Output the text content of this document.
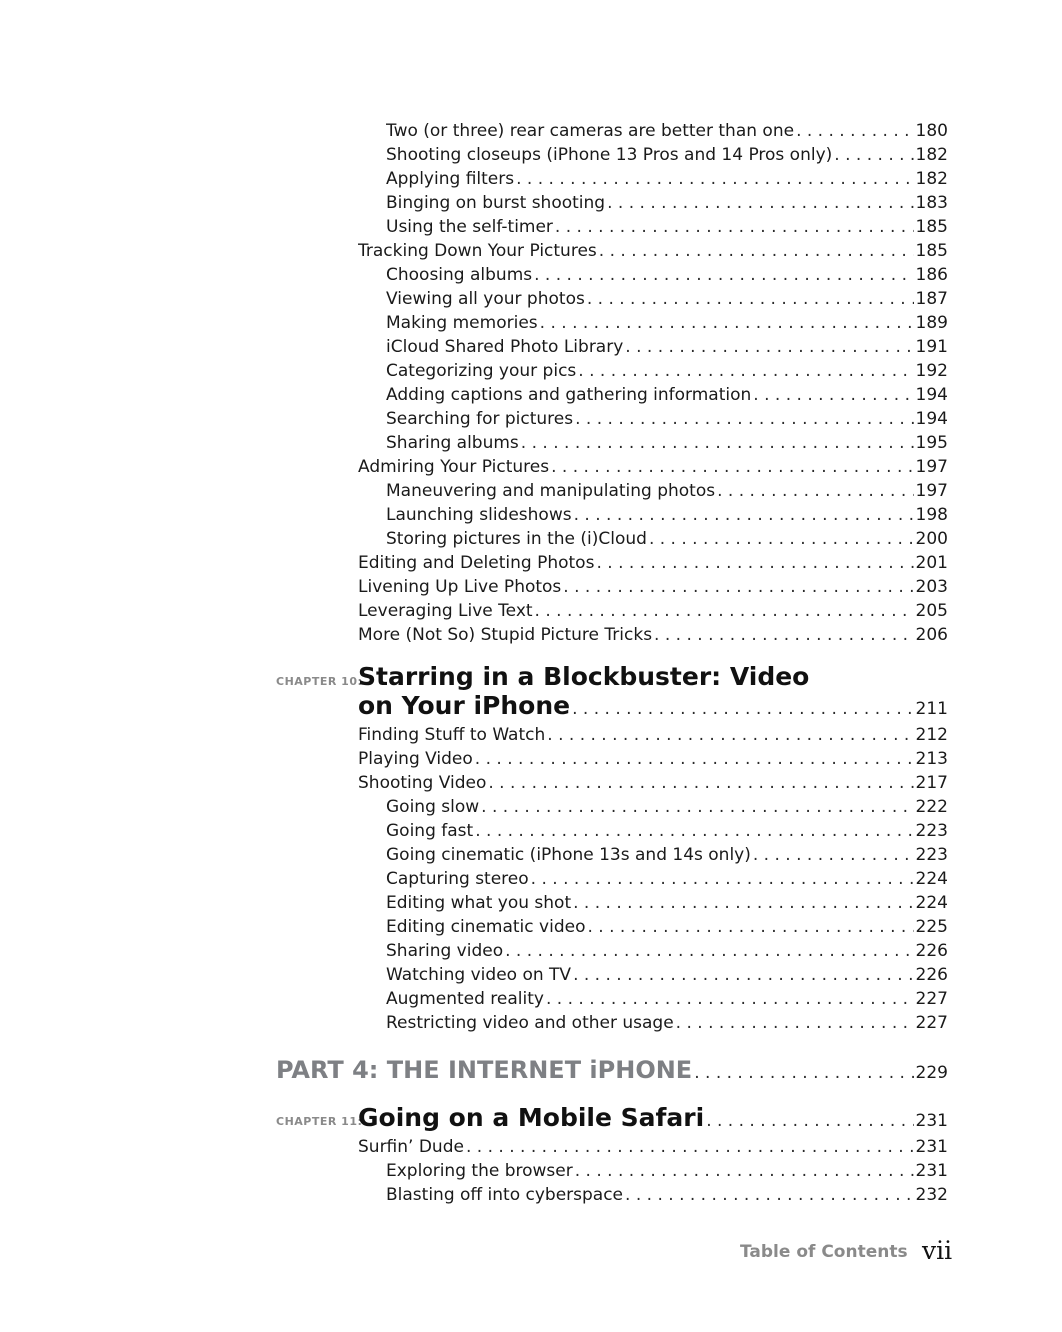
Two (or three) rear cameras are better than one . . .	180
Shooting closeups (iPhone 13 Pros and 14 Pros only) . . .	182
Applying filters . . .	182
Binging on burst shooting . . .	183
Using the self-timer . . .	185
Tracking Down Your Pictures . . .	185
Choosing albums . . .	186
Viewing all your photos . . .	187
Making memories . . .	189
iCloud Shared Photo Library . . .	191
Categorizing your pics . . .	192
Adding captions and gathering information . . .	194
Searching for pictures . . .	194
Sharing albums . . .	195
Admiring Your Pictures . . .	197
Maneuvering and manipulating photos . . .	197
Launching slideshows . . .	198
Storing pictures in the (i)Cloud . . .	200
Editing and Deleting Photos . . .	201
Livening Up Live Photos . . .	203
Leveraging Live Text . . .	205
More (Not So) Stupid Picture Tricks . . .	206
CHAPTER 10:
Starring in a Blockbuster: Video
on Your iPhone . . .	211
Finding Stuff to Watch . . .	212
Playing Video . . .	213
Shooting Video . . .	217
Going slow . . .	222
Going fast . . .	223
Going cinematic (iPhone 13s and 14s only) . . .	223
Capturing stereo . . .	224
Editing what you shot . . .	224
Editing cinematic video . . .	225
Sharing video . . .	226
Watching video on TV . . .	226
Augmented reality . . .	227
Restricting video and other usage . . .	227
PART 4: THE INTERNET iPHONE . . .	229
CHAPTER 11:
Going on a Mobile Safari . . .	231
Surfin’ Dude . . .	231
Exploring the browser . . .	231
Blasting off into cyberspace . . .	232
Table of Contents vii
